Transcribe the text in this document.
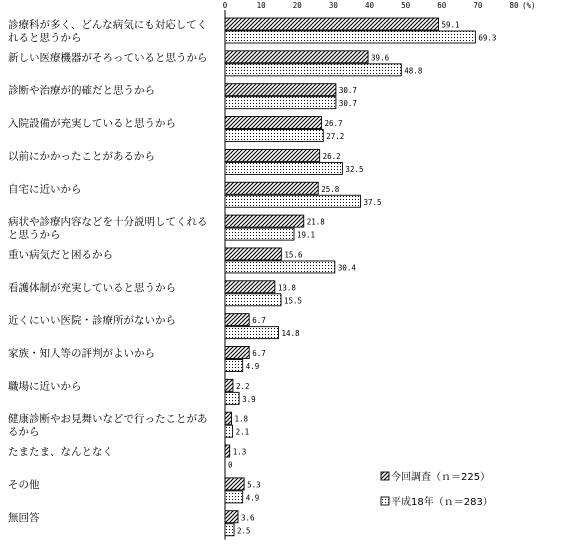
0	10	20	30	40	50	60	70	80 (%)
診療科が多く、どんな病気にも対応してく
れると思うから
新しい医療機器がそろっていると思うから
診断や治療が的確だと思うから
入院設備が充実していると思うから
以前にかかったことがあるから
自宅に近いから
病状や診療内容などを十分説明してくれる
と思うから
重い病気だと困るから
看護体制が充実していると思うから
近くにいい医院・診療所がないから
家族・知人等の評判がよいから
職場に近いから
健康診断やお見舞いなどで行ったことがあ
るから
たまたま、なんとなく
その他
無回答
59.1
69.3
39.6
48.8
30.7
30.7
26.7
27.2
26.2
32.5
25.8
37.5
21.8
19.1
15.6
30.4
13.8
15.5
6.7
14.8
6.7
4.9
2.2
3.9
1.8
2.1
1.3
0
5.3
4.9
3.6
2.5
今回調査（ｎ＝225）
平成18年（ｎ＝283）
